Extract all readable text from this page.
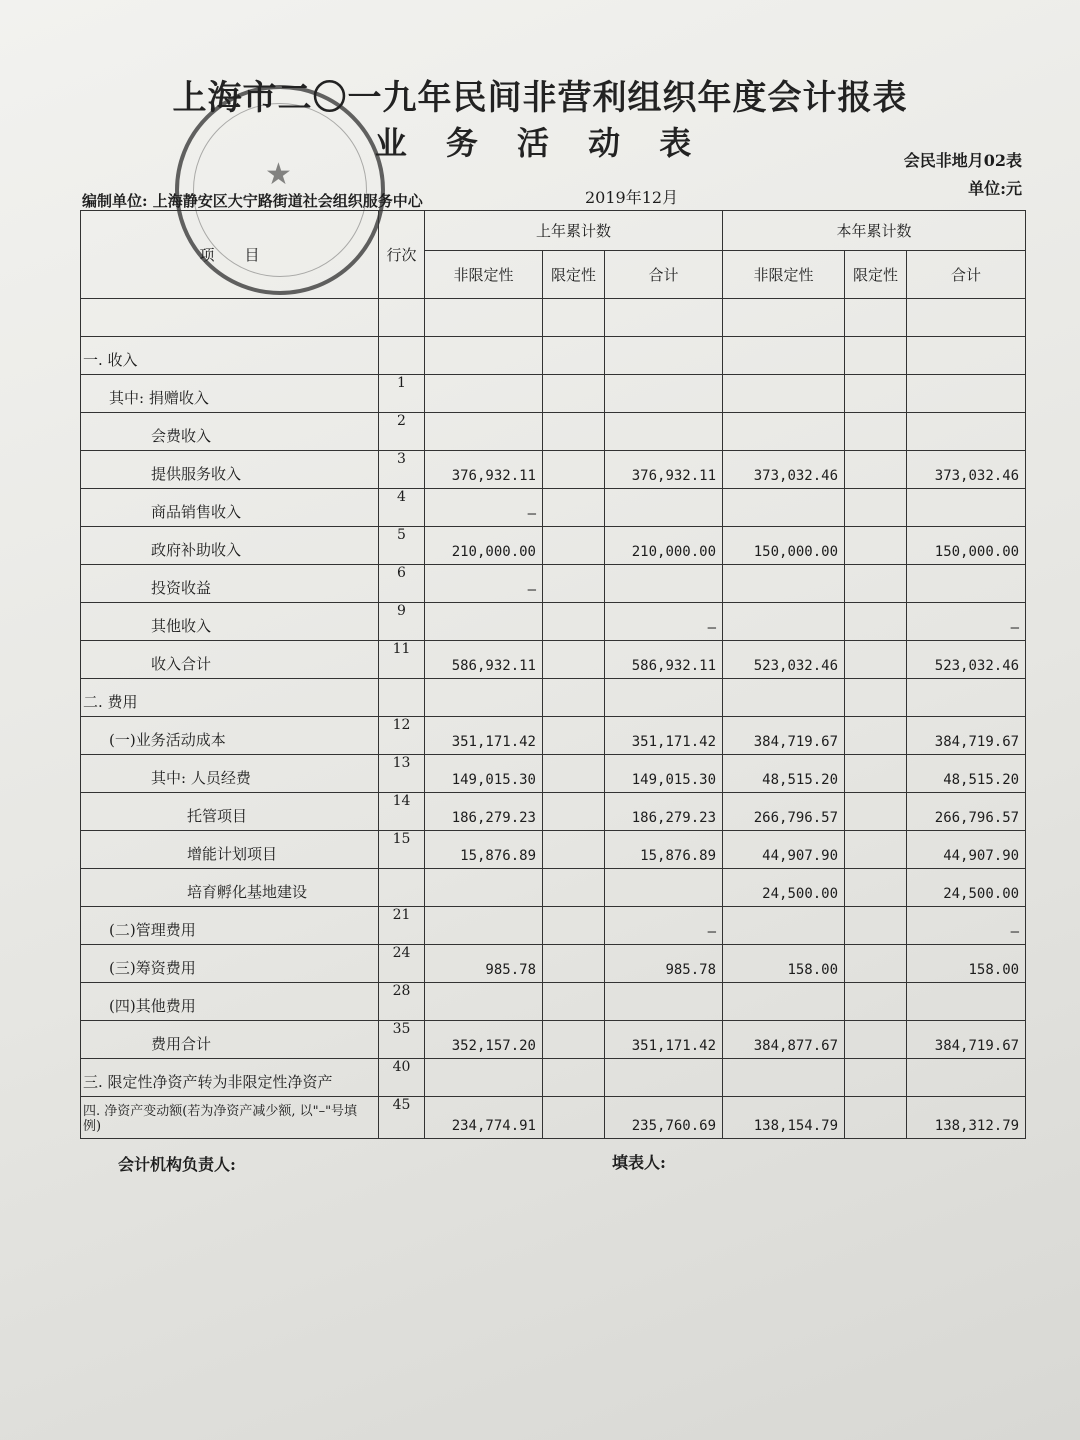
★
上海市二〇一九年民间非营利组织年度会计报表
业 务 活 动 表	会民非地月02表
单位:元
编制单位: 上海静安区大宁路街道社会组织服务中心	2019年12月
项　　目	行次	上年累计数			本年累计数		
		非限定性	限定性	合计	非限定性	限定性	合计

一. 收入							
其中: 捐赠收入	1						
会费收入	2						
提供服务收入	3	376,932.11		376,932.11	373,032.46		373,032.46
商品销售收入	4	–					
政府补助收入	5	210,000.00		210,000.00	150,000.00		150,000.00
投资收益	6	–					
其他收入	9			–			–
收入合计	11	586,932.11		586,932.11	523,032.46		523,032.46
二. 费用							
(一)业务活动成本	12	351,171.42		351,171.42	384,719.67		384,719.67
其中: 人员经费	13	149,015.30		149,015.30	48,515.20		48,515.20
托管项目	14	186,279.23		186,279.23	266,796.57		266,796.57
增能计划项目	15	15,876.89		15,876.89	44,907.90		44,907.90
培育孵化基地建设					24,500.00		24,500.00
(二)管理费用	21			–			–
(三)筹资费用	24	985.78		985.78	158.00		158.00
(四)其他费用	28						
费用合计	35	352,157.20		351,171.42	384,877.67		384,719.67
三. 限定性净资产转为非限定性净资产	40						
四. 净资产变动额(若为净资产减少额, 以"–"号填例)	45	234,774.91		235,760.69	138,154.79		138,312.79
会计机构负责人:	填表人:
